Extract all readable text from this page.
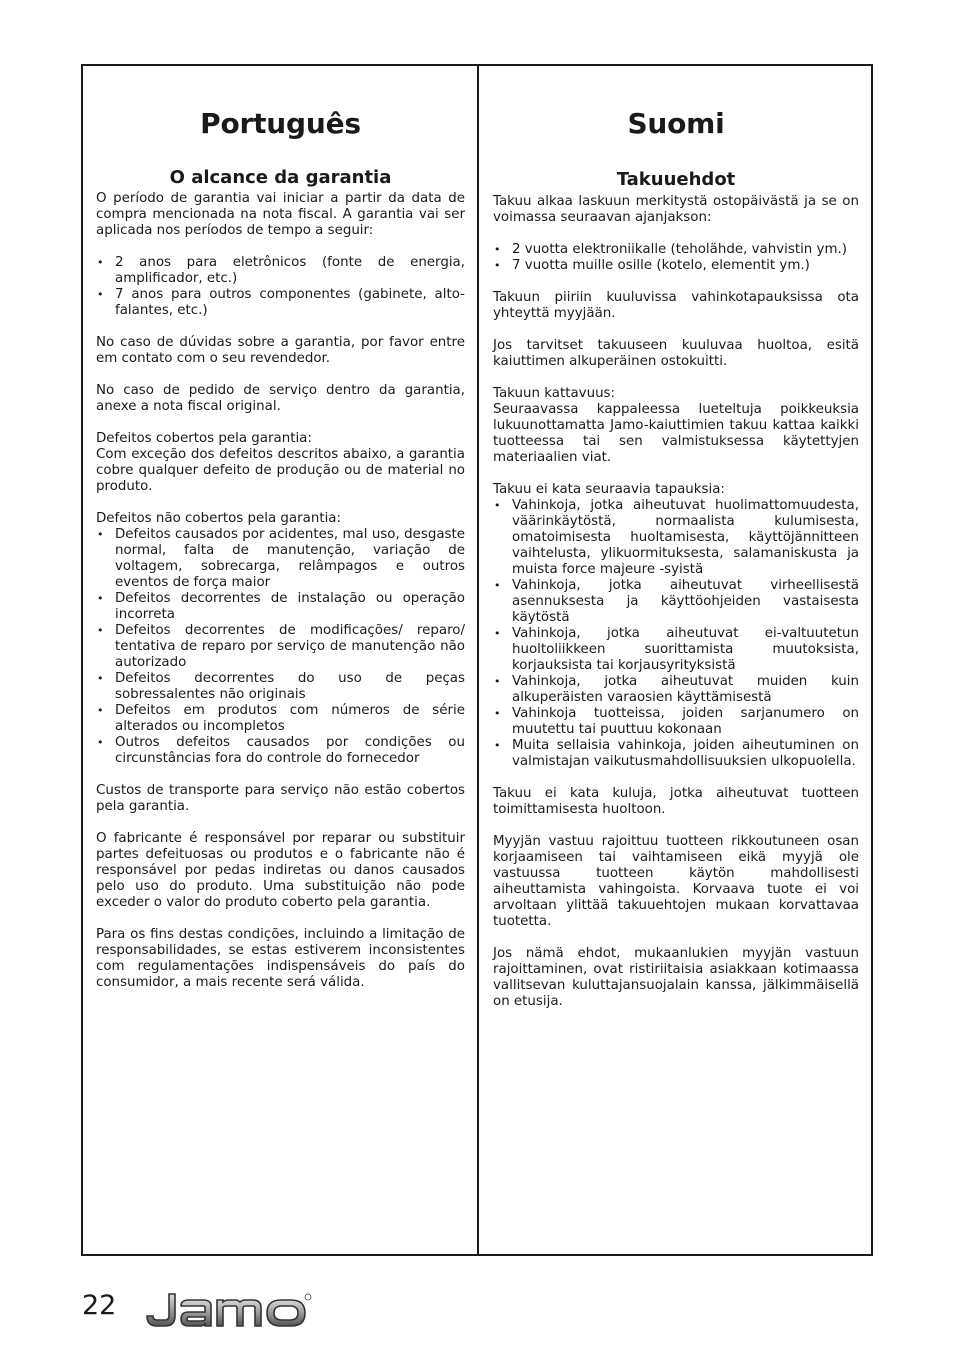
Português
O alcance da garantia

O período de garantia vai iniciar a partir da data de compra mencionada na nota fiscal. A garantia vai ser aplicada nos períodos de tempo a seguir:

• 2 anos para eletrônicos (fonte de energia, amplificador, etc.)
• 7 anos para outros componentes (gabinete, alto-falantes, etc.)

No caso de dúvidas sobre a garantia, por favor entre em contato com o seu revendedor.

No caso de pedido de serviço dentro da garantia, anexe a nota fiscal original.

Defeitos cobertos pela garantia:

Com exceção dos defeitos descritos abaixo, a garantia cobre qualquer defeito de produção ou de material no produto.

Defeitos não cobertos pela garantia:

• Defeitos causados por acidentes, mal uso, desgaste normal, falta de manutenção, variação de voltagem, sobrecarga, relâmpagos e outros eventos de força maior
• Defeitos decorrentes de instalação ou operação incorreta
• Defeitos decorrentes de modificações/ reparo/ tentativa de reparo por serviço de manutenção não autorizado
• Defeitos decorrentes do uso de peças sobressalentes não originais
• Defeitos em produtos com números de série alterados ou incompletos
• Outros defeitos causados por condições ou circunstâncias fora do controle do fornecedor

Custos de transporte para serviço não estão cobertos pela garantia.

O fabricante é responsável por reparar ou substituir partes defeituosas ou produtos e o fabricante não é responsável por pedas indiretas ou danos causados pelo uso do produto. Uma substituição não pode exceder o valor do produto coberto pela garantia.

Para os fins destas condições, incluindo a limitação de responsabilidades, se estas estiverem inconsistentes com regulamentações indispensáveis do país do consumidor, a mais recente será válida.

Suomi
Takuuehdot

Takuu alkaa laskuun merkitystä ostopäivästä ja se on voimassa seuraavan ajanjakson:

• 2 vuotta elektroniikalle (teholähde, vahvistin ym.)
• 7 vuotta muille osille (kotelo, elementit ym.)

Takuun piiriin kuuluvissa vahinkotapauksissa ota yhteyttä myyjään.

Jos tarvitset takuuseen kuuluvaa huoltoa, esitä kaiuttimen alkuperäinen ostokuitti.

Takuun kattavuus:

Seuraavassa kappaleessa lueteltuja poikkeuksia lukuunottamatta Jamo-kaiuttimien takuu kattaa kaikki tuotteessa tai sen valmistuksessa käytettyjen materiaalien viat.

Takuu ei kata seuraavia tapauksia:

• Vahinkoja, jotka aiheutuvat huolimattomuudesta, väärinkäytöstä, normaalista kulumisesta, omatoimisesta huoltamisesta, käyttöjännitteen vaihtelusta, ylikuormituksesta, salamaniskusta ja muista force majeure -syistä
• Vahinkoja, jotka aiheutuvat virheellisestä asennuksesta ja käyttöohjeiden vastaisesta käytöstä
• Vahinkoja, jotka aiheutuvat ei-valtuutetun huoltoliikkeen suorittamista muutoksista, korjauksista tai korjausyrityksistä
• Vahinkoja, jotka aiheutuvat muiden kuin alkuperäisten varaosien käyttämisestä
• Vahinkoja tuotteissa, joiden sarjanumero on muutettu tai puuttuu kokonaan
• Muita sellaisia vahinkoja, joiden aiheutuminen on valmistajan vaikutusmahdollisuuksien ulkopuolella.

Takuu ei kata kuluja, jotka aiheutuvat tuotteen toimittamisesta huoltoon.

Myyjän vastuu rajoittuu tuotteen rikkoutuneen osan korjaamiseen tai vaihtamiseen eikä myyjä ole vastuussa tuotteen käytön mahdollisesti aiheuttamista vahingoista. Korvaava tuote ei voi arvoltaan ylittää takuuehtojen mukaan korvattavaa tuotetta.

Jos nämä ehdot, mukaanlukien myyjän vastuun rajoittaminen, ovat ristiriitaisia asiakkaan kotimaassa vallitsevan kuluttajansuojalain kanssa, jälkimmäisellä on etusija.

22
